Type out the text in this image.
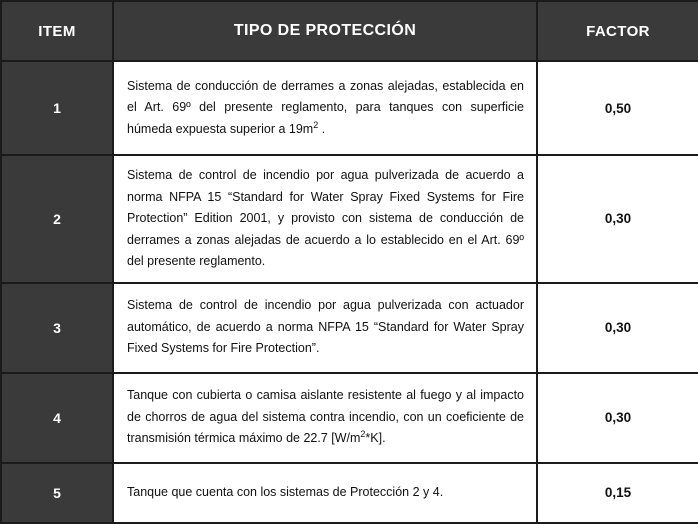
ITEM	TIPO DE PROTECCIÓN	FACTOR
1	Sistema de conducción de derrames a zonas alejadas, establecida en el Art. 69º del presente reglamento, para tanques con superficie húmeda expuesta superior a $19m^2$ .	0,50
2	Sistema de control de incendio por agua pulverizada de acuerdo a norma NFPA 15 “Standard for Water Spray Fixed Systems for Fire Protection” Edition 2001, y provisto con sistema de conducción de derrames a zonas alejadas de acuerdo a lo establecido en el Art. 69º del presente reglamento.	0,30
3	Sistema de control de incendio por agua pulverizada con actuador automático, de acuerdo a norma NFPA 15 “Standard for Water Spray Fixed Systems for Fire Protection”.	0,30
4	Tanque con cubierta o camisa aislante resistente al fuego y al impacto de chorros de agua del sistema contra incendio, con un coeficiente de transmisión térmica máximo de 22.7 $[W/m^2*K]$.	0,30
5	Tanque que cuenta con los sistemas de Protección 2 y 4.	0,15
